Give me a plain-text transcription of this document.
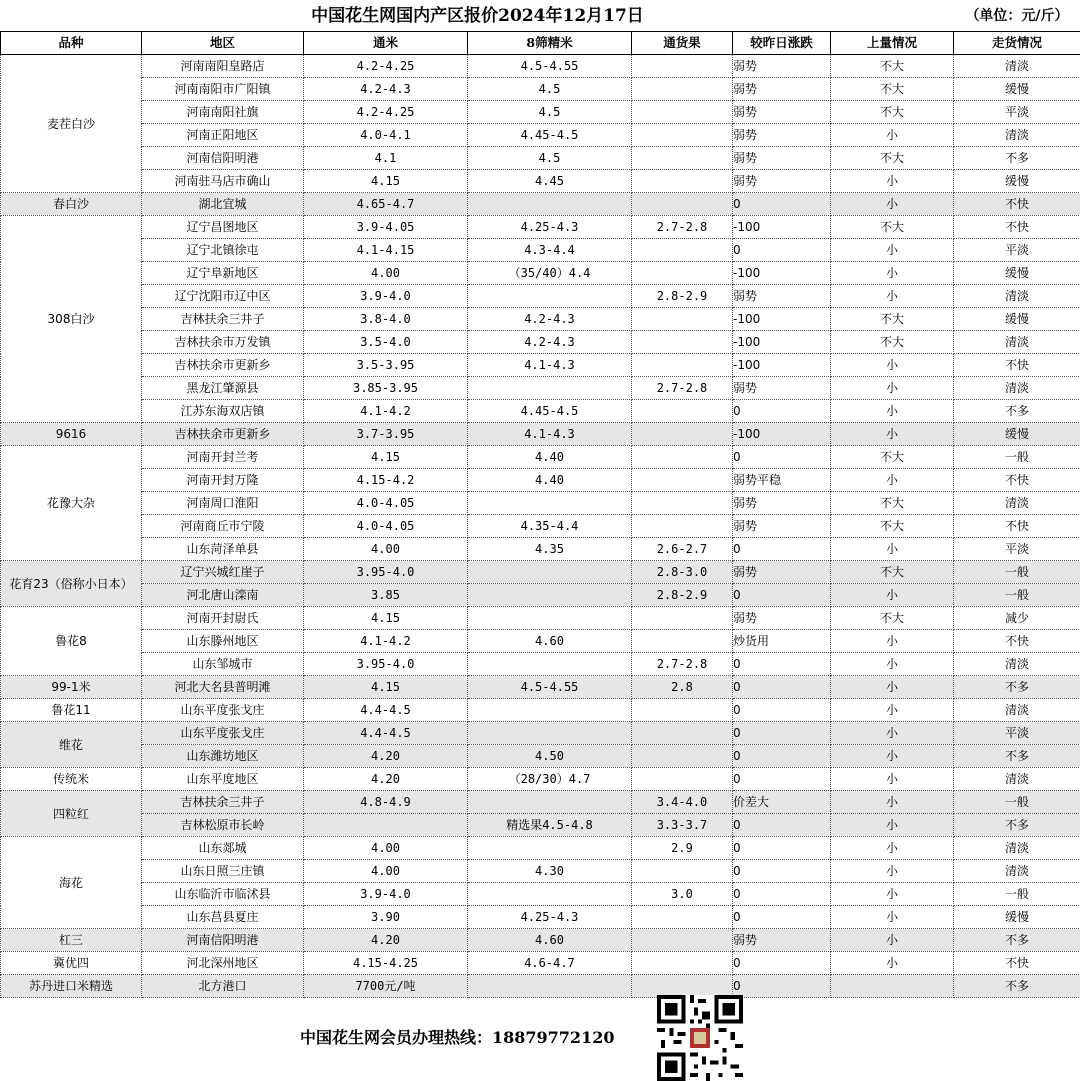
中国花生网国内产区报价2024年12月17日	（单位：元/斤）
品种	地区	通米	8筛精米	通货果	较昨日涨跌	上量情况	走货情况
麦茬白沙	河南南阳皇路店	4.2-4.25	4.5-4.55		弱势	不大	清淡
	河南南阳市广阳镇	4.2-4.3	4.5		弱势	不大	缓慢
	河南南阳社旗	4.2-4.25	4.5		弱势	不大	平淡
	河南正阳地区	4.0-4.1	4.45-4.5		弱势	小	清淡
	河南信阳明港	4.1	4.5		弱势	不大	不多
	河南驻马店市确山	4.15	4.45		弱势	小	缓慢
春白沙	湖北宜城	4.65-4.7			0	小	不快
308白沙	辽宁昌图地区	3.9-4.05	4.25-4.3	2.7-2.8	-100	不大	不快
	辽宁北镇徐屯	4.1-4.15	4.3-4.4		0	小	平淡
	辽宁阜新地区	4.00	（35/40）4.4		-100	小	缓慢
	辽宁沈阳市辽中区	3.9-4.0		2.8-2.9	弱势	小	清淡
	吉林扶余三井子	3.8-4.0	4.2-4.3		-100	不大	缓慢
	吉林扶余市万发镇	3.5-4.0	4.2-4.3		-100	不大	清淡
	吉林扶余市更新乡	3.5-3.95	4.1-4.3		-100	小	不快
	黑龙江肇源县	3.85-3.95		2.7-2.8	弱势	小	清淡
	江苏东海双店镇	4.1-4.2	4.45-4.5		0	小	不多
9616	吉林扶余市更新乡	3.7-3.95	4.1-4.3		-100	小	缓慢
花豫大杂	河南开封兰考	4.15	4.40		0	不大	一般
	河南开封万隆	4.15-4.2	4.40		弱势平稳	小	不快
	河南周口淮阳	4.0-4.05			弱势	不大	清淡
	河南商丘市宁陵	4.0-4.05	4.35-4.4		弱势	不大	不快
	山东菏泽单县	4.00	4.35	2.6-2.7	0	小	平淡
花育23（俗称小日本）	辽宁兴城红崖子	3.95-4.0		2.8-3.0	弱势	不大	一般
	河北唐山滦南	3.85		2.8-2.9	0	小	一般
鲁花8	河南开封尉氏	4.15			弱势	不大	减少
	山东滕州地区	4.1-4.2	4.60		炒货用	小	不快
	山东邹城市	3.95-4.0		2.7-2.8	0	小	清淡
99-1米	河北大名县普明滩	4.15	4.5-4.55	2.8	0	小	不多
鲁花11	山东平度张戈庄	4.4-4.5			0	小	清淡
维花	山东平度张戈庄	4.4-4.5			0	小	平淡
	山东潍坊地区	4.20	4.50		0	小	不多
传统米	山东平度地区	4.20	（28/30）4.7		0	小	清淡
四粒红	吉林扶余三井子	4.8-4.9		3.4-4.0	价差大	小	一般
	吉林松原市长岭		精选果4.5-4.8	3.3-3.7	0	小	不多
海花	山东郯城	4.00		2.9	0	小	清淡
	山东日照三庄镇	4.00	4.30		0	小	清淡
	山东临沂市临沭县	3.9-4.0		3.0	0	小	一般
	山东莒县夏庄	3.90	4.25-4.3		0	小	缓慢
杠三	河南信阳明港	4.20	4.60		弱势	小	不多
冀优四	河北深州地区	4.15-4.25	4.6-4.7		0	小	不快
苏丹进口米精选	北方港口	7700元/吨			0		不多
中国花生网会员办理热线：18879772120
